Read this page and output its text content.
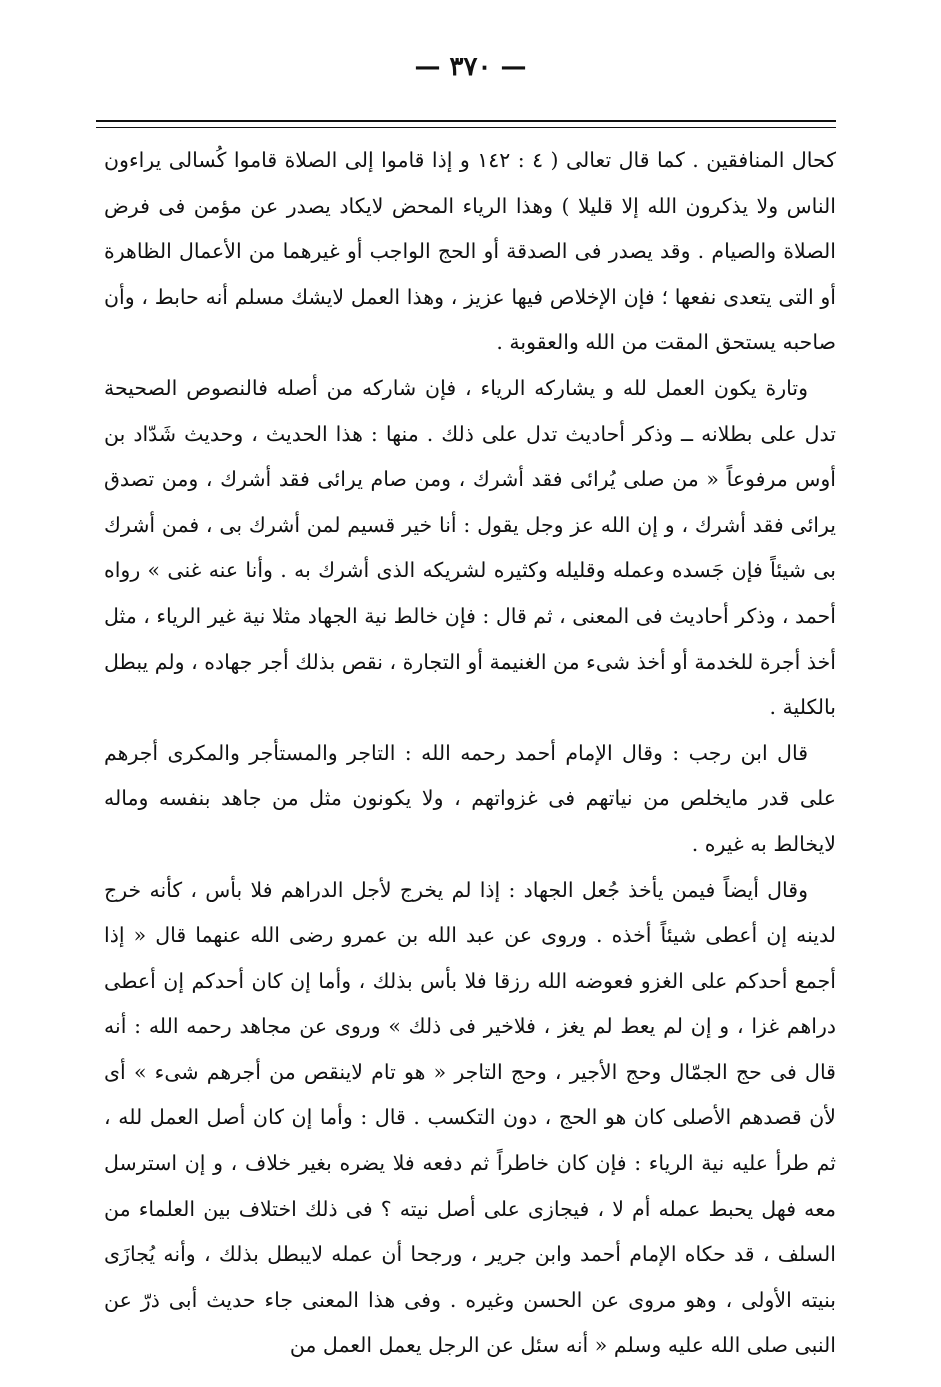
— ٣٧٠ —

كحال المنافقين . كما قال تعالى ( ٤ : ١٤٢ و إذا قاموا إلى الصلاة قاموا كُسالى يراءون الناس ولا يذكرون الله إلا قليلا ) وهذا الرياء المحض لايكاد يصدر عن مؤمن فى فرض الصلاة والصيام . وقد يصدر فى الصدقة أو الحج الواجب أو غيرهما من الأعمال الظاهرة أو التى يتعدى نفعها ؛ فإن الإخلاص فيها عزيز ، وهذا العمل لايشك مسلم أنه حابط ، وأن صاحبه يستحق المقت من الله والعقوبة .

وتارة يكون العمل لله و يشاركه الرياء ، فإن شاركه من أصله فالنصوص الصحيحة تدل على بطلانه ــ وذكر أحاديث تدل على ذلك . منها : هذا الحديث ، وحديث شَدّاد بن أوس مرفوعاً « من صلى يُرائى فقد أشرك ، ومن صام يرائى فقد أشرك ، ومن تصدق يرائى فقد أشرك ، و إن الله عز وجل يقول : أنا خير قسيم لمن أشرك بى ، فمن أشرك بى شيئاً فإن جَسده وعمله وقليله وكثيره لشريكه الذى أشرك به . وأنا عنه غنى » رواه أحمد ، وذكر أحاديث فى المعنى ، ثم قال : فإن خالط نية الجهاد مثلا نية غير الرياء ، مثل أخذ أجرة للخدمة أو أخذ شىء من الغنيمة أو التجارة ، نقص بذلك أجر جهاده ، ولم يبطل بالكلية .

قال ابن رجب : وقال الإمام أحمد رحمه الله : التاجر والمستأجر والمكرى أجرهم على قدر مايخلص من نياتهم فى غزواتهم ، ولا يكونون مثل من جاهد بنفسه وماله لايخالط به غيره .

وقال أيضاً فيمن يأخذ جُعل الجهاد : إذا لم يخرج لأجل الدراهم فلا بأس ، كأنه خرج لدينه إن أعطى شيئاً أخذه . وروى عن عبد الله بن عمرو رضى الله عنهما قال « إذا أجمع أحدكم على الغزو فعوضه الله رزقا فلا بأس بذلك ، وأما إن كان أحدكم إن أعطى دراهم غزا ، و إن لم يعط لم يغز ، فلاخير فى ذلك » وروى عن مجاهد رحمه الله : أنه قال فى حج الجمّال وحج الأجير ، وحج التاجر « هو تام لاينقص من أجرهم شىء » أى لأن قصدهم الأصلى كان هو الحج ، دون التكسب . قال : وأما إن كان أصل العمل لله ، ثم طرأ عليه نية الرياء : فإن كان خاطراً ثم دفعه فلا يضره بغير خلاف ، و إن استرسل معه فهل يحبط عمله أم لا ، فيجازى على أصل نيته ؟ فى ذلك اختلاف بين العلماء من السلف ، قد حكاه الإمام أحمد وابن جرير ، ورجحا أن عمله لايبطل بذلك ، وأنه يُجازَى بنيته الأولى ، وهو مروى عن الحسن وغيره . وفى هذا المعنى جاء حديث أبى ذرّ عن النبى صلى الله عليه وسلم « أنه سئل عن الرجل يعمل العمل من
